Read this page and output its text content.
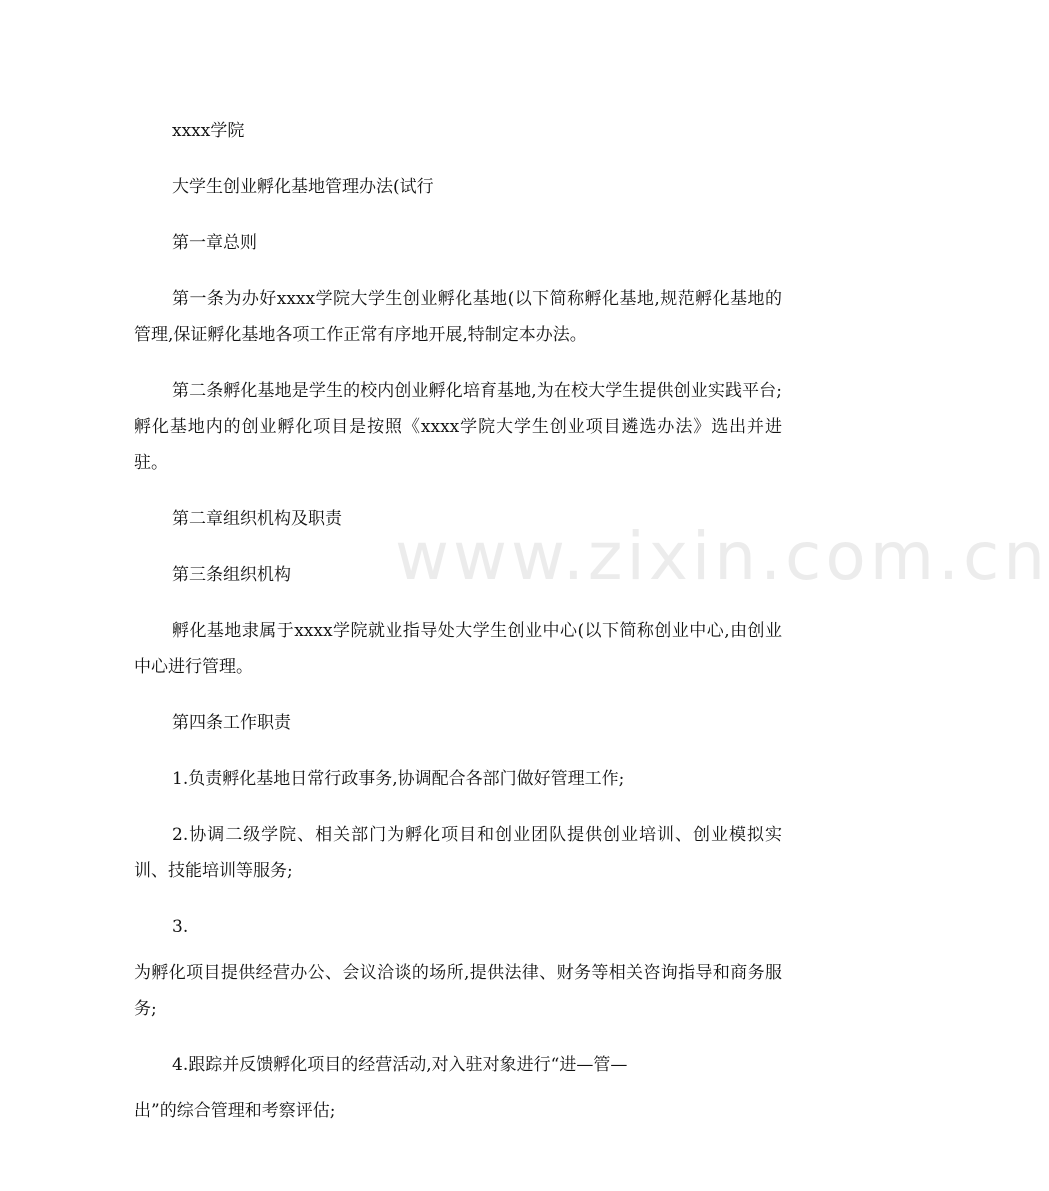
www.zixin.com.cn

xxxx学院

大学生创业孵化基地管理办法(试行

第一章总则

第一条为办好xxxx学院大学生创业孵化基地(以下简称孵化基地,规范孵化基地的管理,保证孵化基地各项工作正常有序地开展,特制定本办法。

第二条孵化基地是学生的校内创业孵化培育基地,为在校大学生提供创业实践平台;孵化基地内的创业孵化项目是按照《xxxx学院大学生创业项目遴选办法》选出并进驻。

第二章组织机构及职责

第三条组织机构

孵化基地隶属于xxxx学院就业指导处大学生创业中心(以下简称创业中心,由创业中心进行管理。

第四条工作职责

1.负责孵化基地日常行政事务,协调配合各部门做好管理工作;

2.协调二级学院、相关部门为孵化项目和创业团队提供创业培训、创业模拟实训、技能培训等服务;

3.

为孵化项目提供经营办公、会议洽谈的场所,提供法律、财务等相关咨询指导和商务服务;

4.跟踪并反馈孵化项目的经营活动,对入驻对象进行“进—管—

出”的综合管理和考察评估;
